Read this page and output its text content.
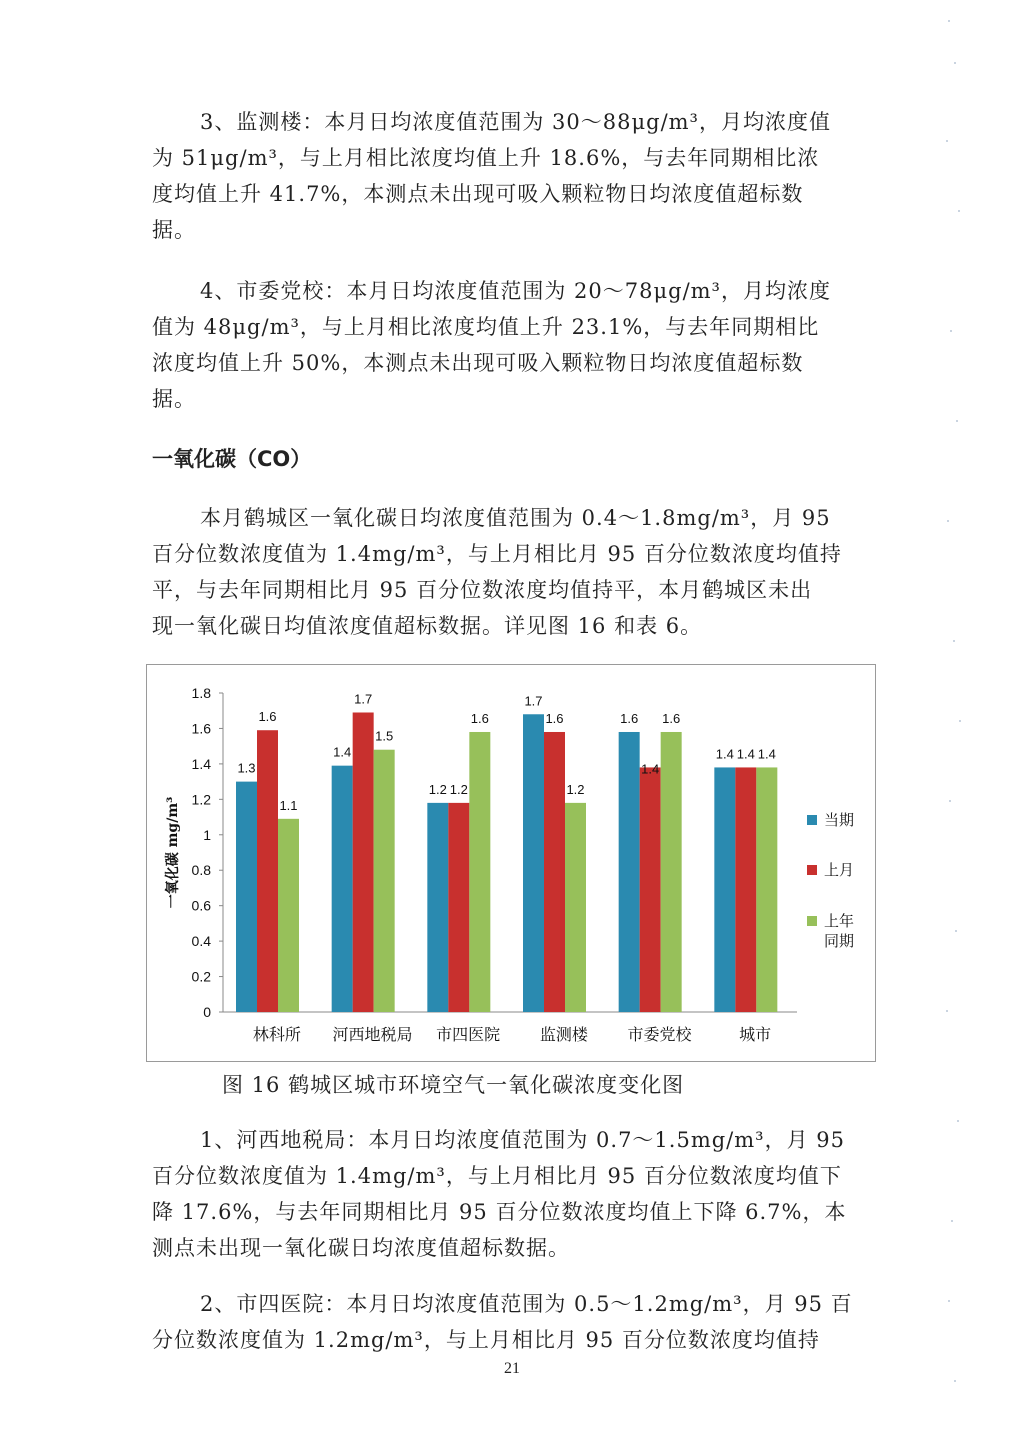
3、监测楼：本月日均浓度值范围为 30～88μg/m³，月均浓度值
为 51μg/m³，与上月相比浓度均值上升 18.6%，与去年同期相比浓
度均值上升 41.7%，本测点未出现可吸入颗粒物日均浓度值超标数
据。

4、市委党校：本月日均浓度值范围为 20～78μg/m³，月均浓度
值为 48μg/m³，与上月相比浓度均值上升 23.1%，与去年同期相比
浓度均值上升 50%，本测点未出现可吸入颗粒物日均浓度值超标数
据。

一氧化碳（CO）

本月鹤城区一氧化碳日均浓度值范围为 0.4～1.8mg/m³，月 95
百分位数浓度值为 1.4mg/m³，与上月相比月 95 百分位数浓度均值持
平，与去年同期相比月 95 百分位数浓度均值持平，本月鹤城区未出
现一氧化碳日均值浓度值超标数据。详见图 16 和表 6。

0
0.2
0.4
0.6
0.8
1
1.2
1.4
1.6
1.8
一氧化碳 mg/m³
1.3
1.6
1.1
林科所
1.4
1.7
1.5
河西地税局
1.2 1.2
1.6
市四医院
1.7
1.6
1.2
监测楼
1.6
1.4
1.6
市委党校
1.4 1.4 1.4
城市
当期
上月
上年
同期

图 16 鹤城区城市环境空气一氧化碳浓度变化图

1、河西地税局：本月日均浓度值范围为 0.7～1.5mg/m³，月 95
百分位数浓度值为 1.4mg/m³，与上月相比月 95 百分位数浓度均值下
降 17.6%，与去年同期相比月 95 百分位数浓度均值上下降 6.7%，本
测点未出现一氧化碳日均浓度值超标数据。

2、市四医院：本月日均浓度值范围为 0.5～1.2mg/m³，月 95 百
分位数浓度值为 1.2mg/m³，与上月相比月 95 百分位数浓度均值持

21
